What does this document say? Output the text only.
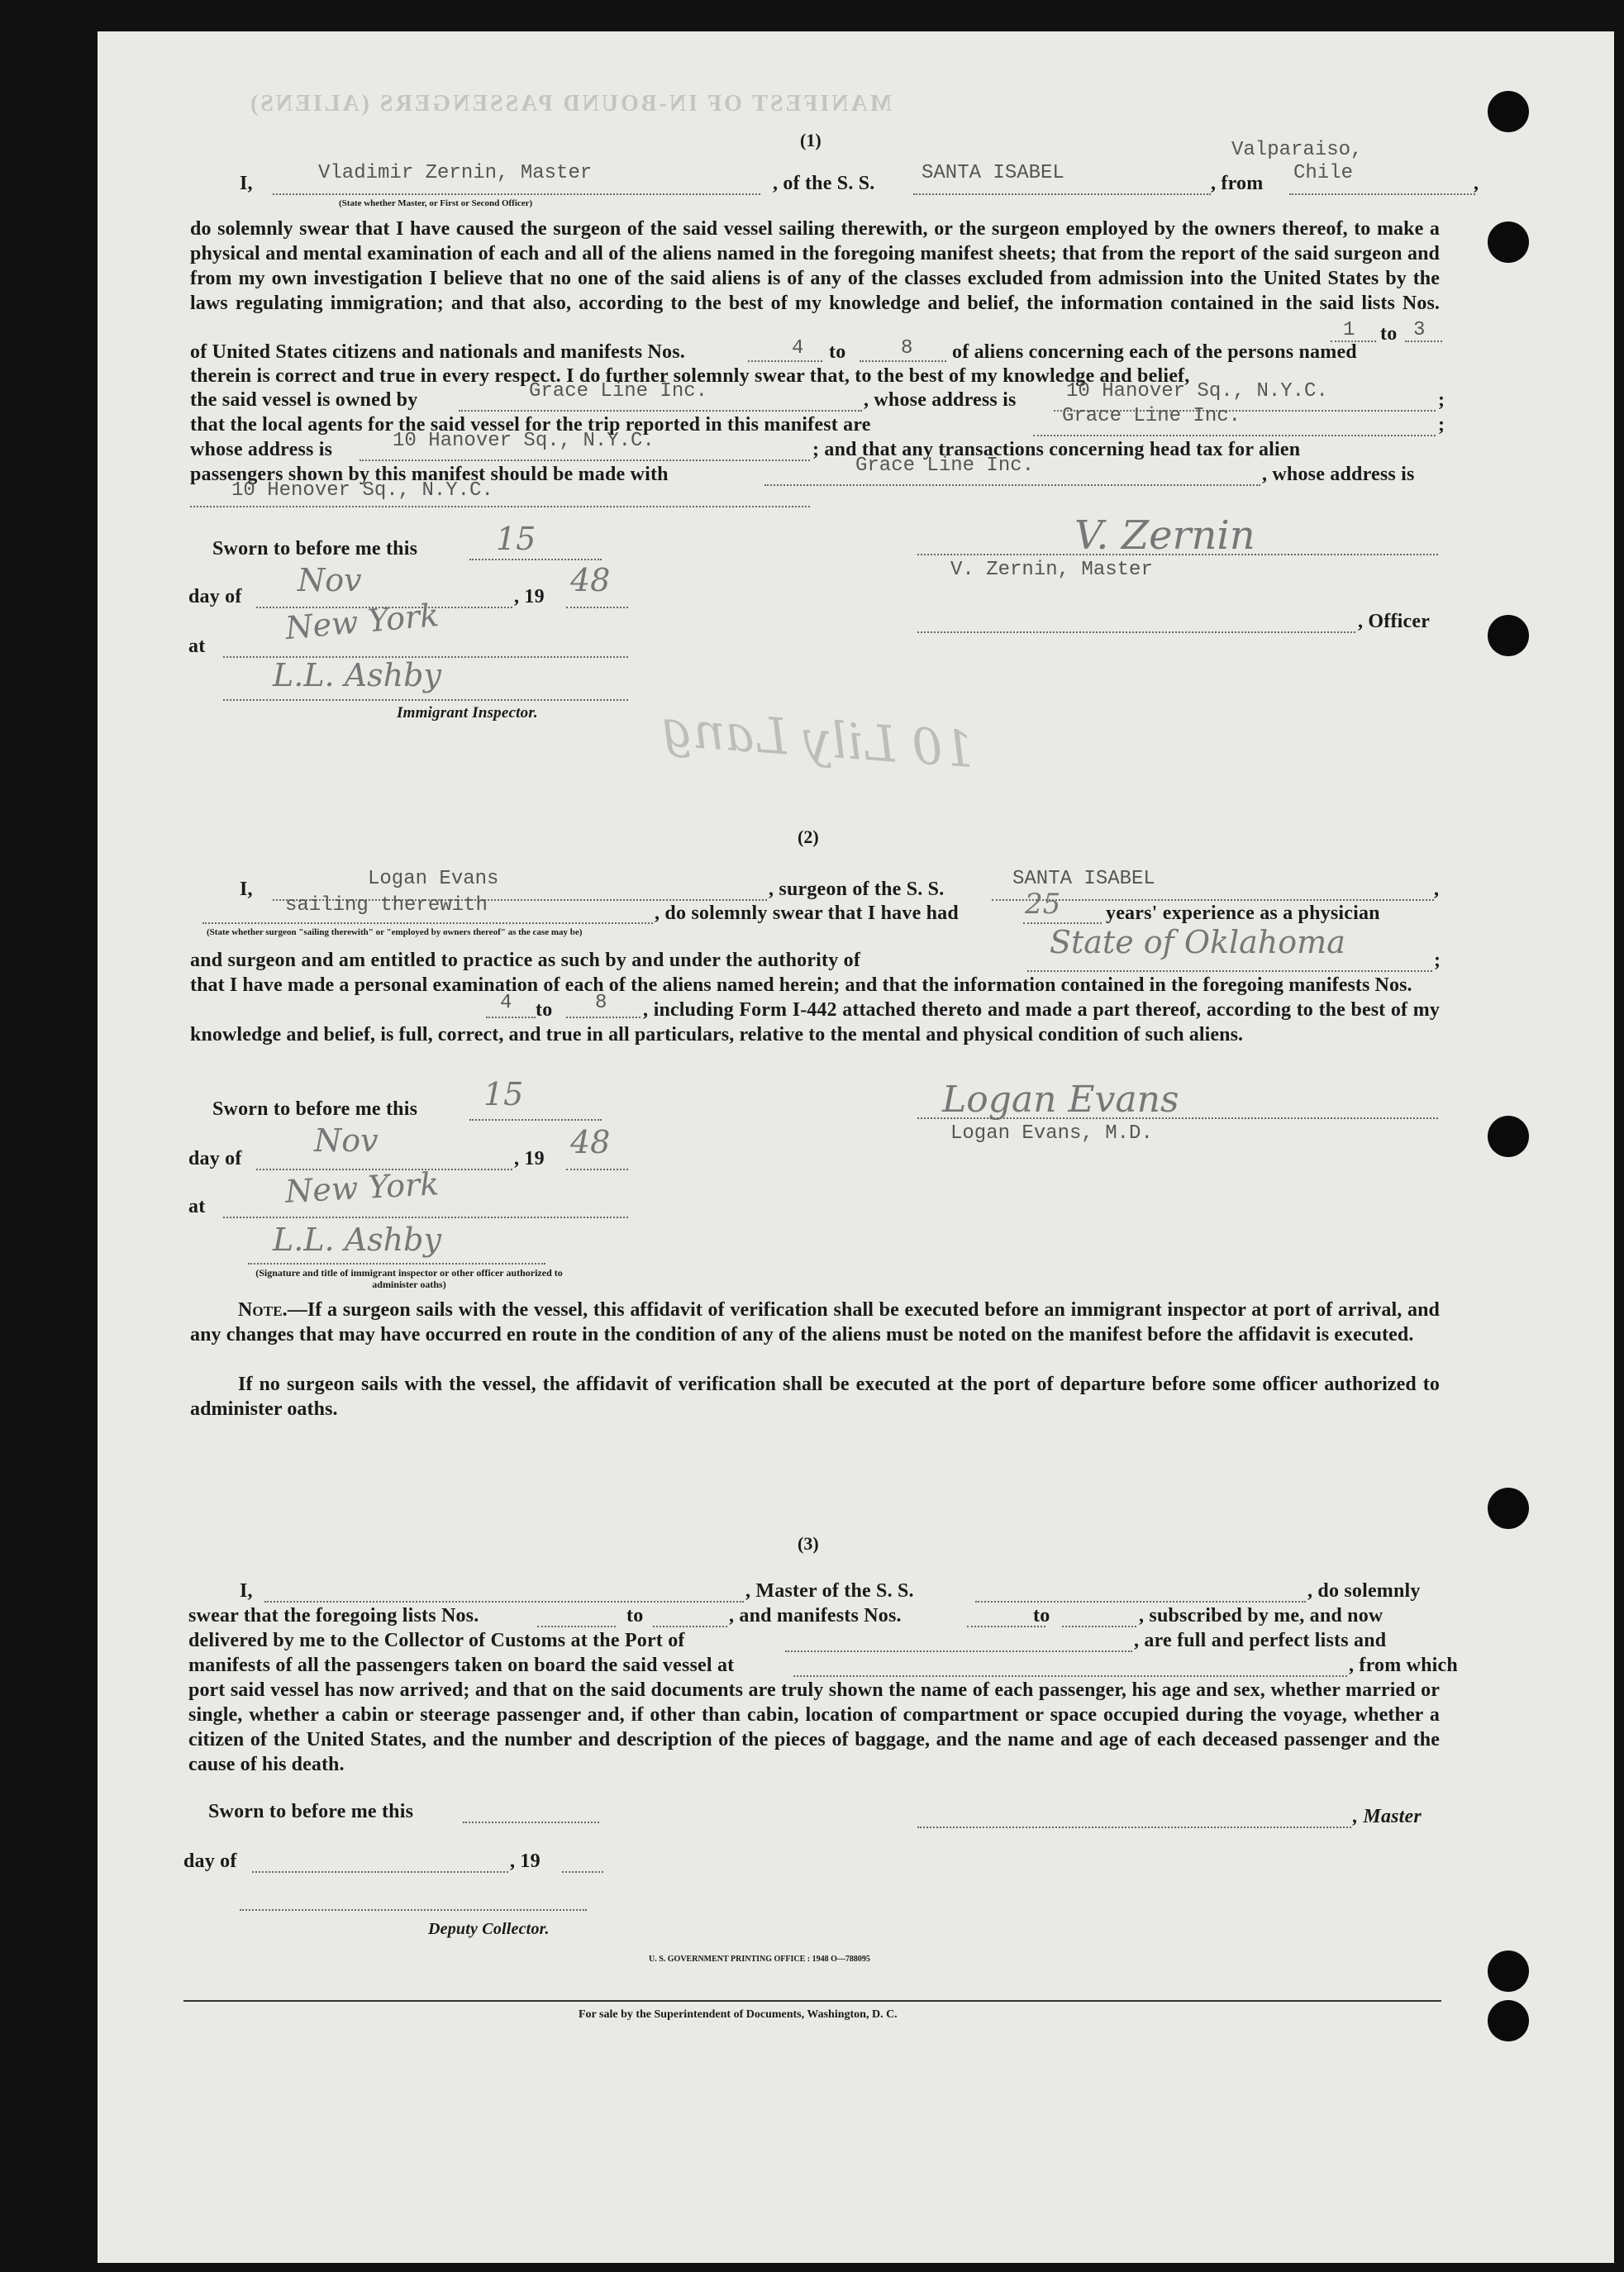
MANIFEST OF IN-BOUND PASSENGERS (ALIENS)
10 Lily Lang
(1)
I,	Vladimir Zernin, Master
(State whether Master, or First or Second Officer)
, of the S. S. SANTA ISABEL	, from
Valparaiso,
Chile	,
do solemnly swear that I have caused the surgeon of the said vessel sailing therewith, or the surgeon employed by the owners thereof, to make a physical and mental examination of each and all of the aliens named in the foregoing manifest sheets; that from the report of the said surgeon and from my own investigation I believe that no one of the said aliens is of any of the classes excluded from admission into the United States by the laws regulating immigration; and that also, according to the best of my knowledge and belief, the information contained in the said lists Nos.
1 to 3
of United States citizens and nationals and manifests Nos.	4 to	8 of aliens concerning each of the persons named
therein is correct and true in every respect. I do further solemnly swear that, to the best of my knowledge and belief,
the said vessel is owned by	Grace Line Inc.	, whose address is	10 Hanover Sq., N.Y.C.	;
that the local agents for the said vessel for the trip reported in this manifest are	Grace Line Inc.	;
whose address is	10 Hanover Sq., N.Y.C.	; and that any transactions concerning head tax for alien
passengers shown by this manifest should be made with	Grace Line Inc.	, whose address is
10 Henover Sq., N.Y.C.
Sworn to before me this 15
day of Nov	, 19 48
at	New York
L.L. Ashby
Immigrant Inspector.
V. Zernin
V. Zernin, Master
, Officer
(2)
I,	Logan Evans	, surgeon of the S. S.	SANTA ISABEL	,
sailing therewith	, do solemnly swear that I have had 25 years' experience as a physician
(State whether surgeon "sailing therewith" or "employed by owners thereof" as the case may be)
and surgeon and am entitled to practice as such by and under the authority of	State of Oklahoma	;
that I have made a personal examination of each of the aliens named herein; and that the information contained in the foregoing manifests Nos.
4 to 8	, including Form I-442 attached thereto and made a part thereof, according to the best of my knowledge and belief, is full, correct, and true in all particulars, relative to the mental and physical condition of such aliens.
Sworn to before me this 15
day of Nov	, 19 48
at	New York
L.L. Ashby
(Signature and title of immigrant inspector or other officer authorized to administer oaths)
Logan Evans
Logan Evans, M.D.
Note.—If a surgeon sails with the vessel, this affidavit of verification shall be executed before an immigrant inspector at port of arrival, and any changes that may have occurred en route in the condition of any of the aliens must be noted on the manifest before the affidavit is executed.
If no surgeon sails with the vessel, the affidavit of verification shall be executed at the port of departure before some officer authorized to administer oaths.
(3)
I,	, Master of the S. S.	, do solemnly
swear that the foregoing lists Nos.	to	, and manifests Nos.	to	, subscribed by me, and now
delivered by me to the Collector of Customs at the Port of	, are full and perfect lists and
manifests of all the passengers taken on board the said vessel at	, from which
port said vessel has now arrived; and that on the said documents are truly shown the name of each passenger, his age and sex, whether married or single, whether a cabin or steerage passenger and, if other than cabin, location of compartment or space occupied during the voyage, whether a citizen of the United States, and the number and description of the pieces of baggage, and the name and age of each deceased passenger and the cause of his death.
Sworn to before me this	, Master
day of	, 19
Deputy Collector.
U. S. GOVERNMENT PRINTING OFFICE : 1948 O—788095
For sale by the Superintendent of Documents, Washington, D. C.
